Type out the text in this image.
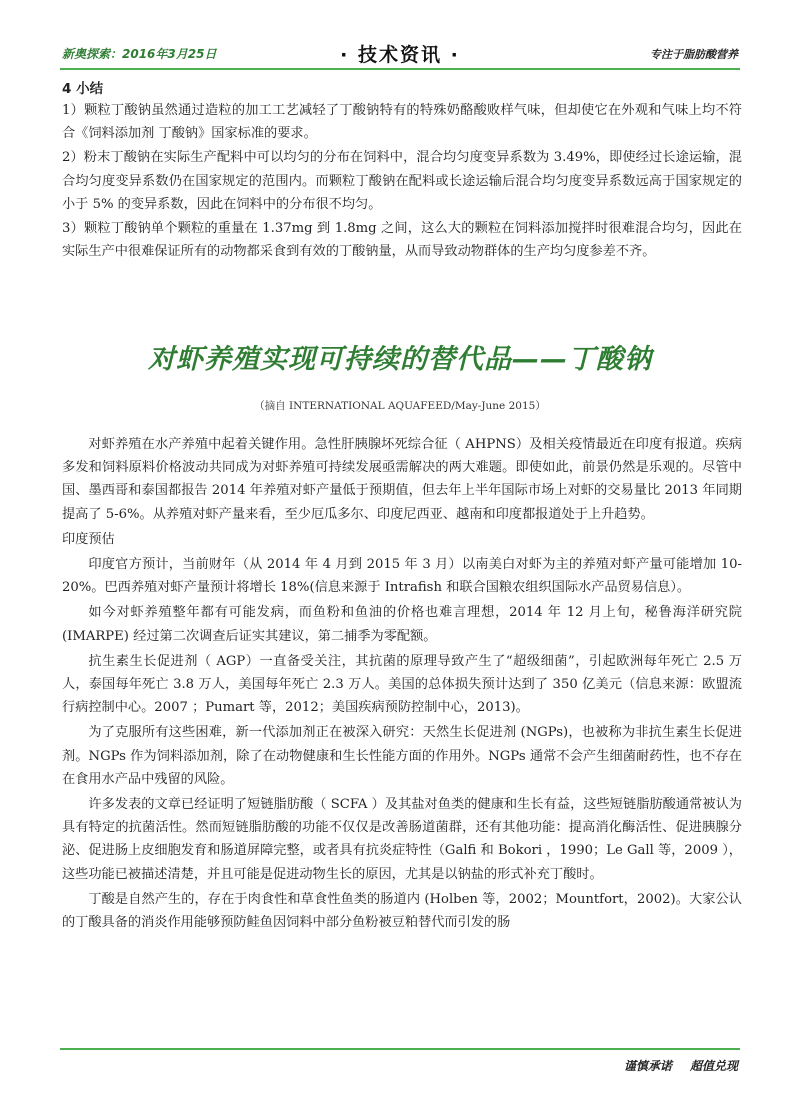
新奥探索：2016年3月25日	· 技术资讯 ·	专注于脂肪酸营养
4 小结

1）颗粒丁酸钠虽然通过造粒的加工工艺减轻了丁酸钠特有的特殊奶酪酸败样气味，但却使它在外观和气味上均不符合《饲料添加剂 丁酸钠》国家标准的要求。

2）粉末丁酸钠在实际生产配料中可以均匀的分布在饲料中，混合均匀度变异系数为 3.49%，即使经过长途运输，混合均匀度变异系数仍在国家规定的范围内。而颗粒丁酸钠在配料或长途运输后混合均匀度变异系数远高于国家规定的小于 5% 的变异系数，因此在饲料中的分布很不均匀。

3）颗粒丁酸钠单个颗粒的重量在 1.37mg 到 1.8mg 之间，这么大的颗粒在饲料添加搅拌时很难混合均匀，因此在实际生产中很难保证所有的动物都采食到有效的丁酸钠量，从而导致动物群体的生产均匀度参差不齐。

对虾养殖实现可持续的替代品——丁酸钠
（摘自 INTERNATIONAL AQUAFEED/May-June 2015）

对虾养殖在水产养殖中起着关键作用。急性肝胰腺坏死综合征（ AHPNS）及相关疫情最近在印度有报道。疾病多发和饲料原料价格波动共同成为对虾养殖可持续发展亟需解决的两大难题。即使如此，前景仍然是乐观的。尽管中国、墨西哥和泰国都报告 2014 年养殖对虾产量低于预期值，但去年上半年国际市场上对虾的交易量比 2013 年同期提高了 5-6%。从养殖对虾产量来看，至少厄瓜多尔、印度尼西亚、越南和印度都报道处于上升趋势。

印度预估

印度官方预计，当前财年（从 2014 年 4 月到 2015 年 3 月）以南美白对虾为主的养殖对虾产量可能增加 10-20%。巴西养殖对虾产量预计将增长 18%(信息来源于 Intrafish 和联合国粮农组织国际水产品贸易信息）。

如今对虾养殖整年都有可能发病，而鱼粉和鱼油的价格也难言理想，2014 年 12 月上旬，秘鲁海洋研究院 (IMARPE) 经过第二次调查后证实其建议，第二捕季为零配额。

抗生素生长促进剂（ AGP）一直备受关注，其抗菌的原理导致产生了“超级细菌”，引起欧洲每年死亡 2.5 万人，泰国每年死亡 3.8 万人，美国每年死亡 2.3 万人。美国的总体损失预计达到了 350 亿美元（信息来源：欧盟流行病控制中心。2007 ；Pumart 等，2012；美国疾病预防控制中心，2013)。

为了克服所有这些困难，新一代添加剂正在被深入研究：天然生长促进剂 (NGPs)，也被称为非抗生素生长促进剂。NGPs 作为饲料添加剂，除了在动物健康和生长性能方面的作用外。NGPs 通常不会产生细菌耐药性，也不存在在食用水产品中残留的风险。

许多发表的文章已经证明了短链脂肪酸（ SCFA ）及其盐对鱼类的健康和生长有益，这些短链脂肪酸通常被认为具有特定的抗菌活性。然而短链脂肪酸的功能不仅仅是改善肠道菌群，还有其他功能：提高消化酶活性、促进胰腺分泌、促进肠上皮细胞发育和肠道屏障完整，或者具有抗炎症特性（Galfi 和 Bokori ，1990；Le Gall 等，2009 ），这些功能已被描述清楚，并且可能是促进动物生长的原因，尤其是以钠盐的形式补充丁酸时。

丁酸是自然产生的，存在于肉食性和草食性鱼类的肠道内 (Holben 等，2002；Mountfort，2002)。大家公认的丁酸具备的消炎作用能够预防鲑鱼因饲料中部分鱼粉被豆粕替代而引发的肠

谨慎承诺 超值兑现
